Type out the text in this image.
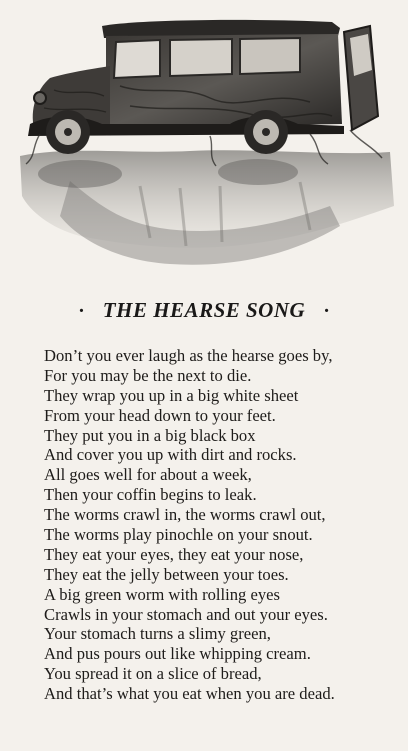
· THE HEARSE SONG ·
Don’t you ever laugh as the hearse goes by,
For you may be the next to die.
They wrap you up in a big white sheet
From your head down to your feet.
They put you in a big black box
And cover you up with dirt and rocks.
All goes well for about a week,
Then your coffin begins to leak.
The worms crawl in, the worms crawl out,
The worms play pinochle on your snout.
They eat your eyes, they eat your nose,
They eat the jelly between your toes.
A big green worm with rolling eyes
Crawls in your stomach and out your eyes.
Your stomach turns a slimy green,
And pus pours out like whipping cream.
You spread it on a slice of bread,
And that’s what you eat when you are dead.
